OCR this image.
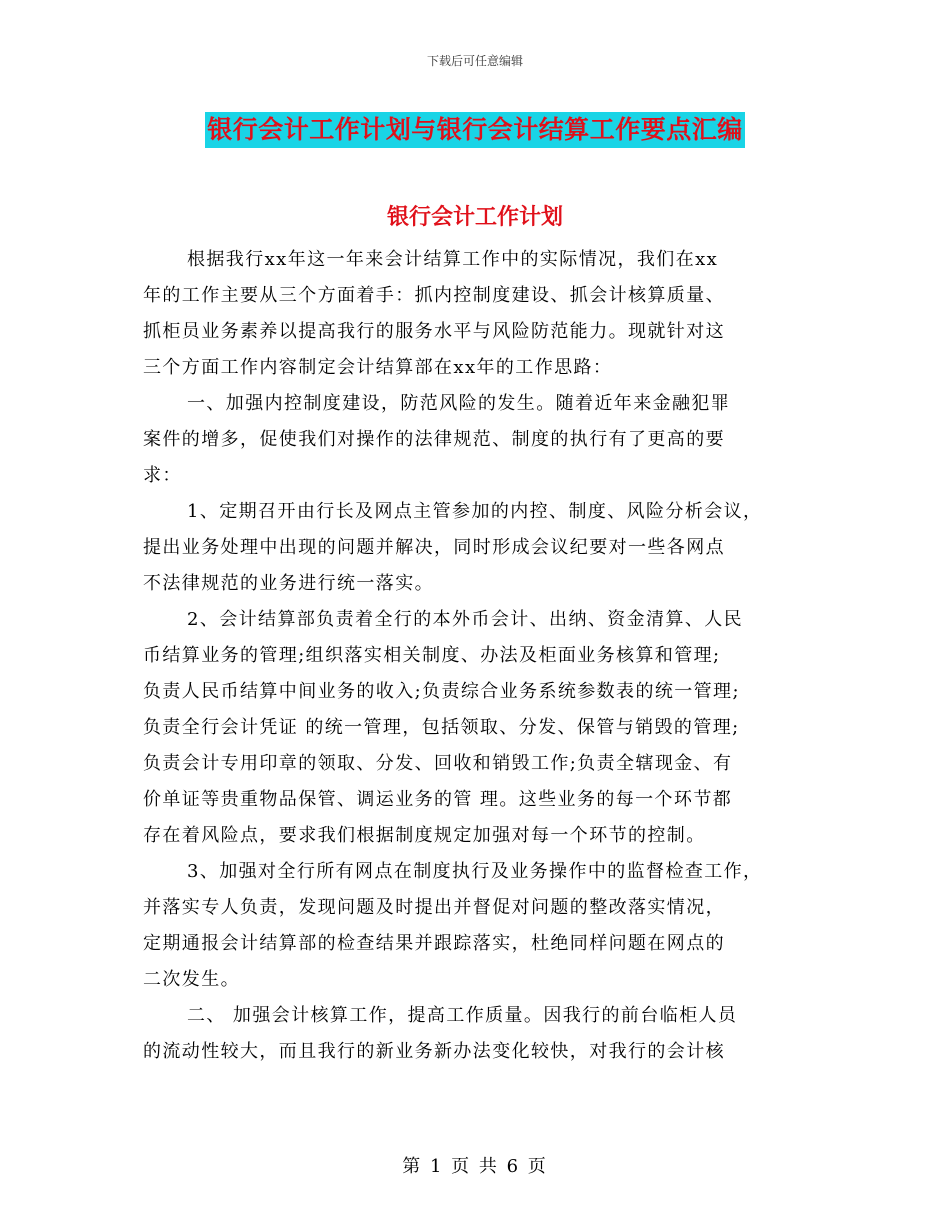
下载后可任意编辑
银行会计工作计划与银行会计结算工作要点汇编
银行会计工作计划
根据我行xx年这一年来会计结算工作中的实际情况，我们在xx
年的工作主要从三个方面着手：抓内控制度建设、抓会计核算质量、
抓柜员业务素养以提高我行的服务水平与风险防范能力。现就针对这
三个方面工作内容制定会计结算部在xx年的工作思路：
一、加强内控制度建设，防范风险的发生。随着近年来金融犯罪
案件的增多，促使我们对操作的法律规范、制度的执行有了更高的要
求：
1、定期召开由行长及网点主管参加的内控、制度、风险分析会议，
提出业务处理中出现的问题并解决，同时形成会议纪要对一些各网点
不法律规范的业务进行统一落实。
2、会计结算部负责着全行的本外币会计、出纳、资金清算、人民
币结算业务的管理;组织落实相关制度、办法及柜面业务核算和管理;
负责人民币结算中间业务的收入;负责综合业务系统参数表的统一管理;
负责全行会计凭证 的统一管理，包括领取、分发、保管与销毁的管理;
负责会计专用印章的领取、分发、回收和销毁工作;负责全辖现金、有
价单证等贵重物品保管、调运业务的管 理。这些业务的每一个环节都
存在着风险点，要求我们根据制度规定加强对每一个环节的控制。
3、加强对全行所有网点在制度执行及业务操作中的监督检查工作，
并落实专人负责，发现问题及时提出并督促对问题的整改落实情况，
定期通报会计结算部的检查结果并跟踪落实，杜绝同样问题在网点的
二次发生。
二、 加强会计核算工作，提高工作质量。因我行的前台临柜人员
的流动性较大，而且我行的新业务新办法变化较快，对我行的会计核
第 1 页 共 6 页
